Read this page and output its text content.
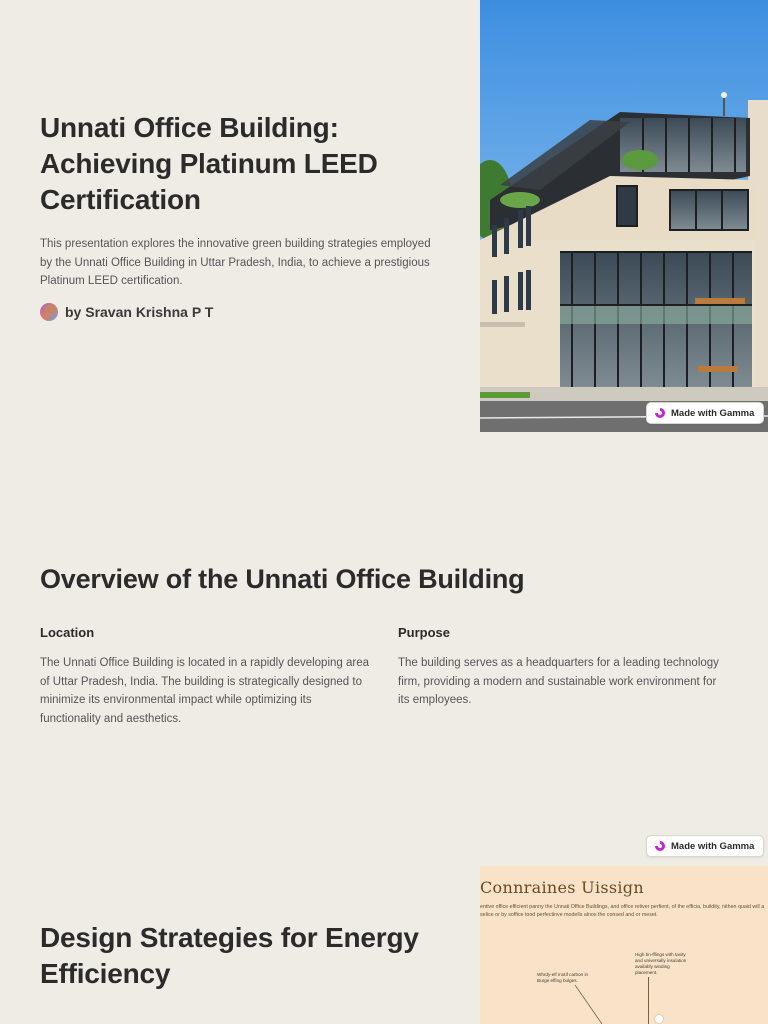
Unnati Office Building: Achieving Platinum LEED Certification

This presentation explores the innovative green building strategies employed by the Unnati Office Building in Uttar Pradesh, India, to achieve a prestigious Platinum LEED certification.

by Sravan Krishna P T
Made with Gamma
Overview of the Unnati Office Building
Location

The Unnati Office Building is located in a rapidly developing area of Uttar Pradesh, India. The building is strategically designed to minimize its environmental impact while optimizing its functionality and aesthetics.

Purpose

The building serves as a headquarters for a leading technology firm, providing a modern and sustainable work environment for its employees.

Made with Gamma
Design Strategies for Energy Efficiency
Connraines Uissign
entive office efficient panny the Unnati Office Buildings, and office retiver perfient, of the efficia, buildity, nithen quaid will a selice or by soffice tood perfectinve modells alnos the consed and or meset.
Whrdy-elf motif carbon in Burge effing bulges.
High bn-fflings with tavity and universally insulation availably winding placement.
